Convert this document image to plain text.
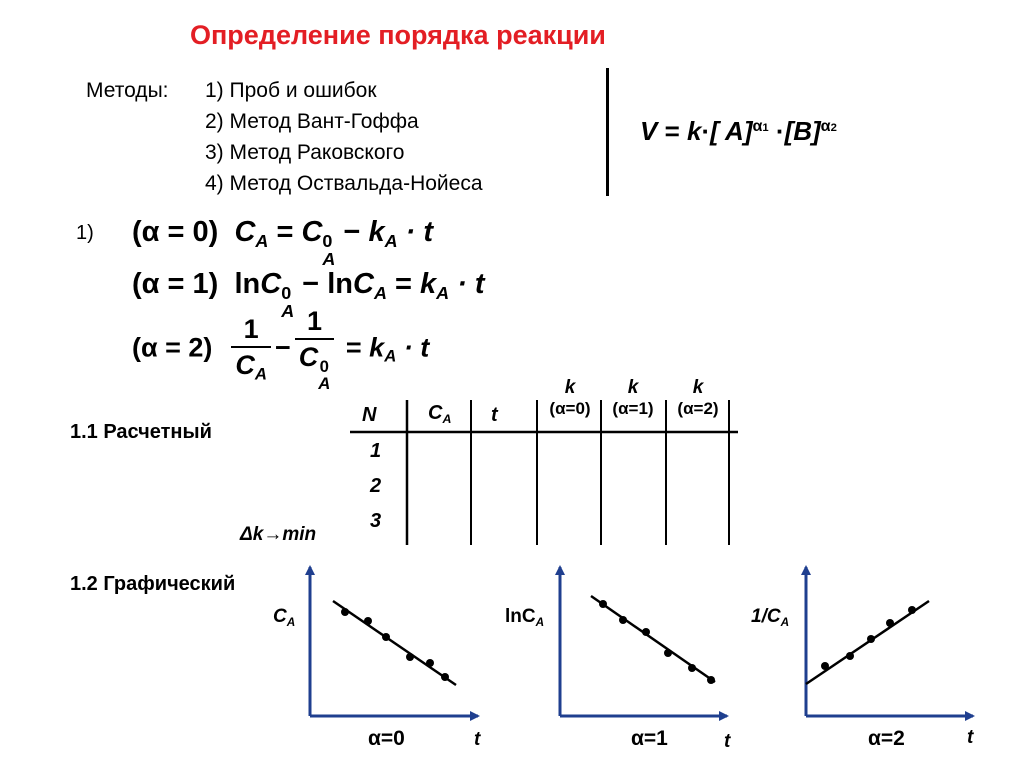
Определение порядка реакции
Методы: 1) Проб и ошибок
2) Метод Вант-Гоффа
3) Метод Раковского
4) Метод Оствальда-Нойеса
V = k·[ $A]^{\alpha 1} \cdot[B]^{\alpha 2}$
1) (α = 0) $C_A = C$ 0
A
− $k_A \cdot t$
(α = 1) lnC 0
A
− $\ln C_A = k_A \cdot t$
$(\alpha = 2) \frac{1}{C_A} - 1$
C 0
$A = k_A \cdot t$
1.1 Расчетный
N	$C_A$ t
k
(α=0)
k
(α=1)
k
(α=2)
1
2
3
Δk→min
1.2 Графический
$C_A$
t
α=0
lnC$_A$
t
α=1
$1/C_A$
t
α=2
